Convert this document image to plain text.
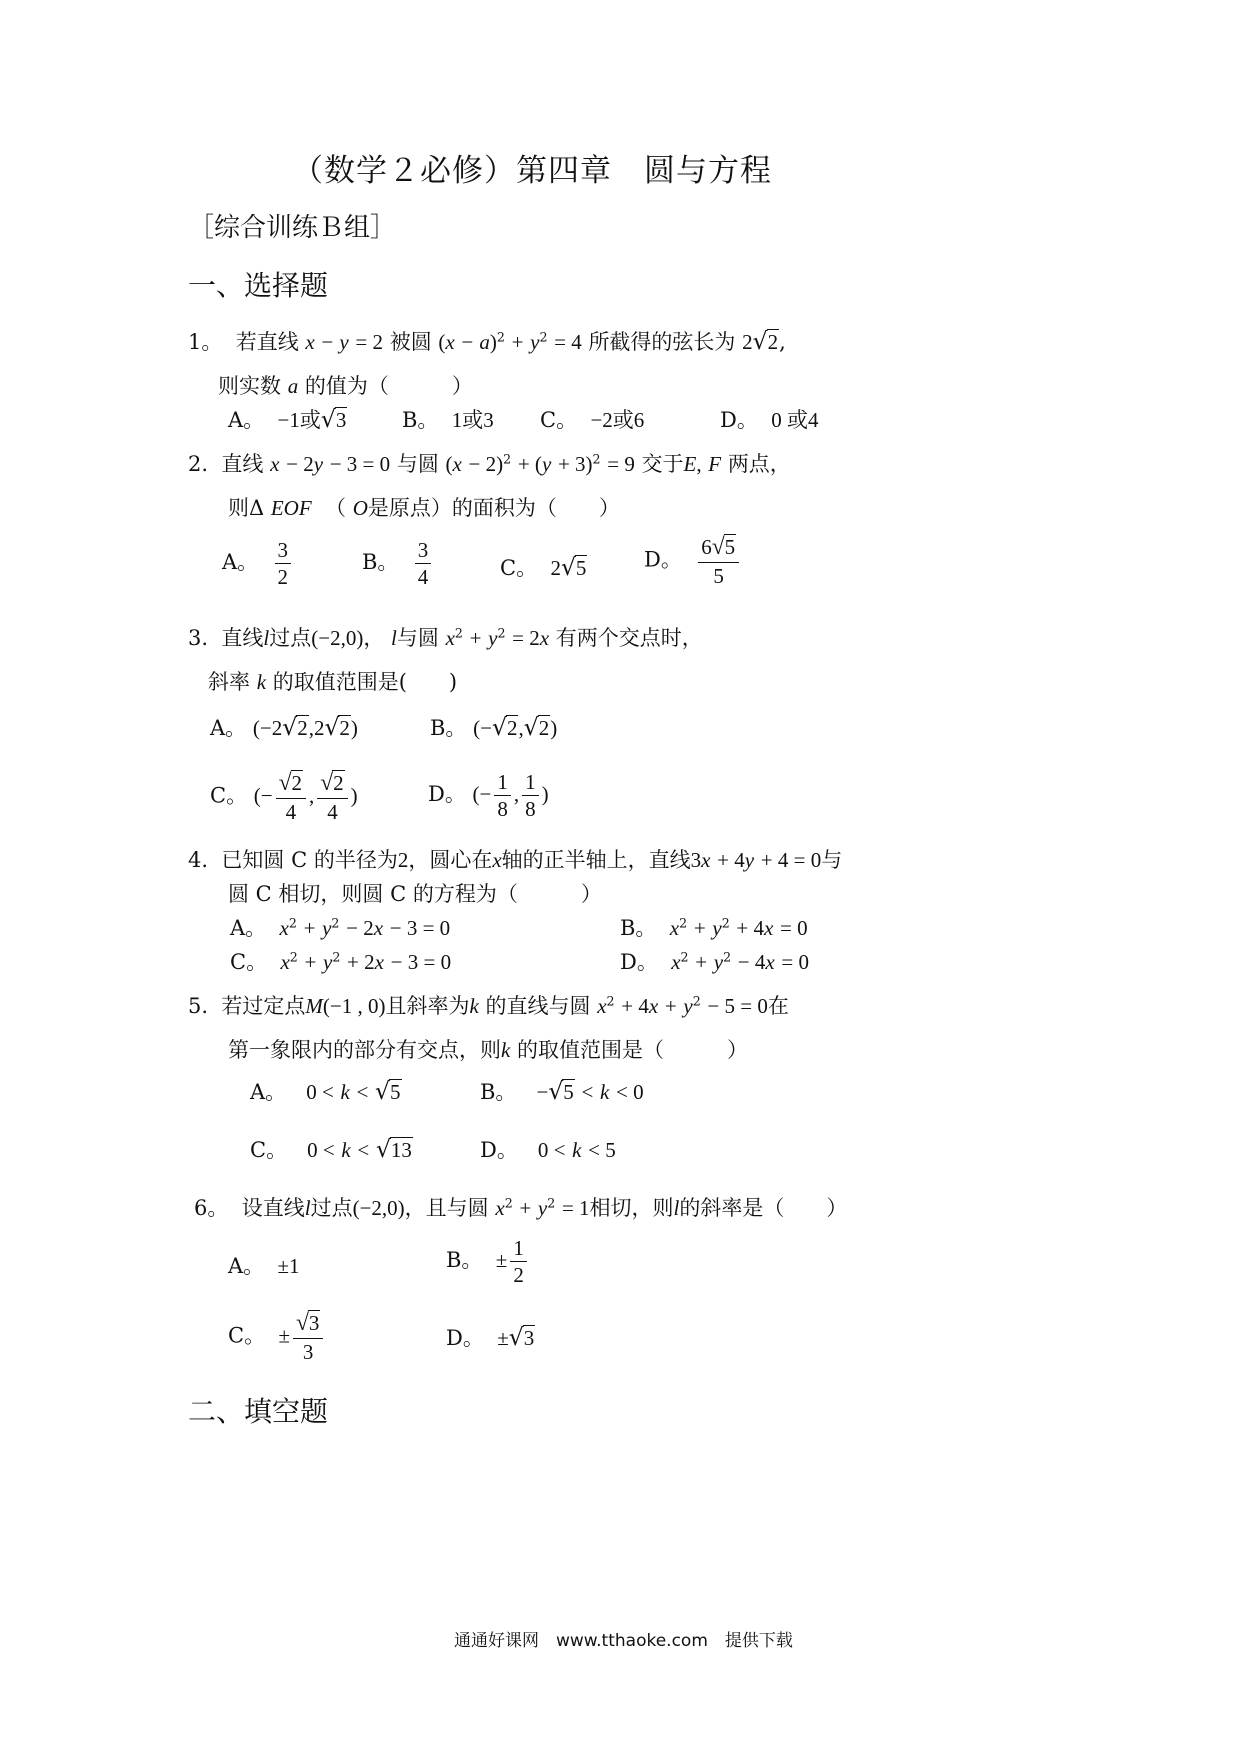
（数学２必修）第四章　圆与方程
［综合训练Ｂ组］
一、选择题
1。 若直线 x − y = 2 被圆 $(x - a)^2 + y^2 = 4$ 所截得的弦长为 2√2,
则实数 a 的值为（　　　）
A。 −1或√3	B。 1或3 C。 −2或6	D。 0 或4
2. 直线 x − 2y − 3 = 0 与圆 $(x - 2)^2 + (y + 3)^2 = 9$ 交于E, F 两点，
则Δ EOF （ O是原点）的面积为（　　）
A。 $\frac{3}{2}$	B。 $\frac{3}{4}$	C。 2√5	D。 $\frac{6√5}{5}$
3. 直线l过点(−2,0)， l与圆 $x^2 + y^2 = 2x$ 有两个交点时，
斜率 k 的取值范围是(　　)
A。 (−2√2,2√2)	B。 (−√2,√2)
C。 (− $\frac{√2}{4}$ , $\frac{√2}{4}$ )	D。 (− $\frac{1}{8}$ , $\frac{1}{8}$ )
4. 已知圆 C 的半径为2，圆心在x轴的正半轴上，直线3x + 4y + 4 = 0与
圆 C 相切，则圆 C 的方程为（　　　）
A。 $x^2 + y^2 - 2x - 3 = 0$	B。 $x^2 + y^2 + 4x = 0$
C。 $x^2 + y^2 + 2x - 3 = 0$	D。 $x^2 + y^2 - 4x = 0$
5. 若过定点M(−1 , 0)且斜率为k 的直线与圆 $x^2 + 4x + y^2 - 5 = 0$在
第一象限内的部分有交点，则k 的取值范围是（　　　）
A。 0 < k < √5	B。 −√5 < k < 0
C。 0 < k < √13	D。 0 < k < 5
6。 设直线l过点(−2,0)，且与圆 $x^2 + y^2 = 1$相切，则l的斜率是（　　）
A。 ±1	B。 ± $\frac{1}{2}$
C。 ± $\frac{√3}{3}$	D。 ±√3
二、填空题
通通好课网　www.tthaoke.com　提供下载
